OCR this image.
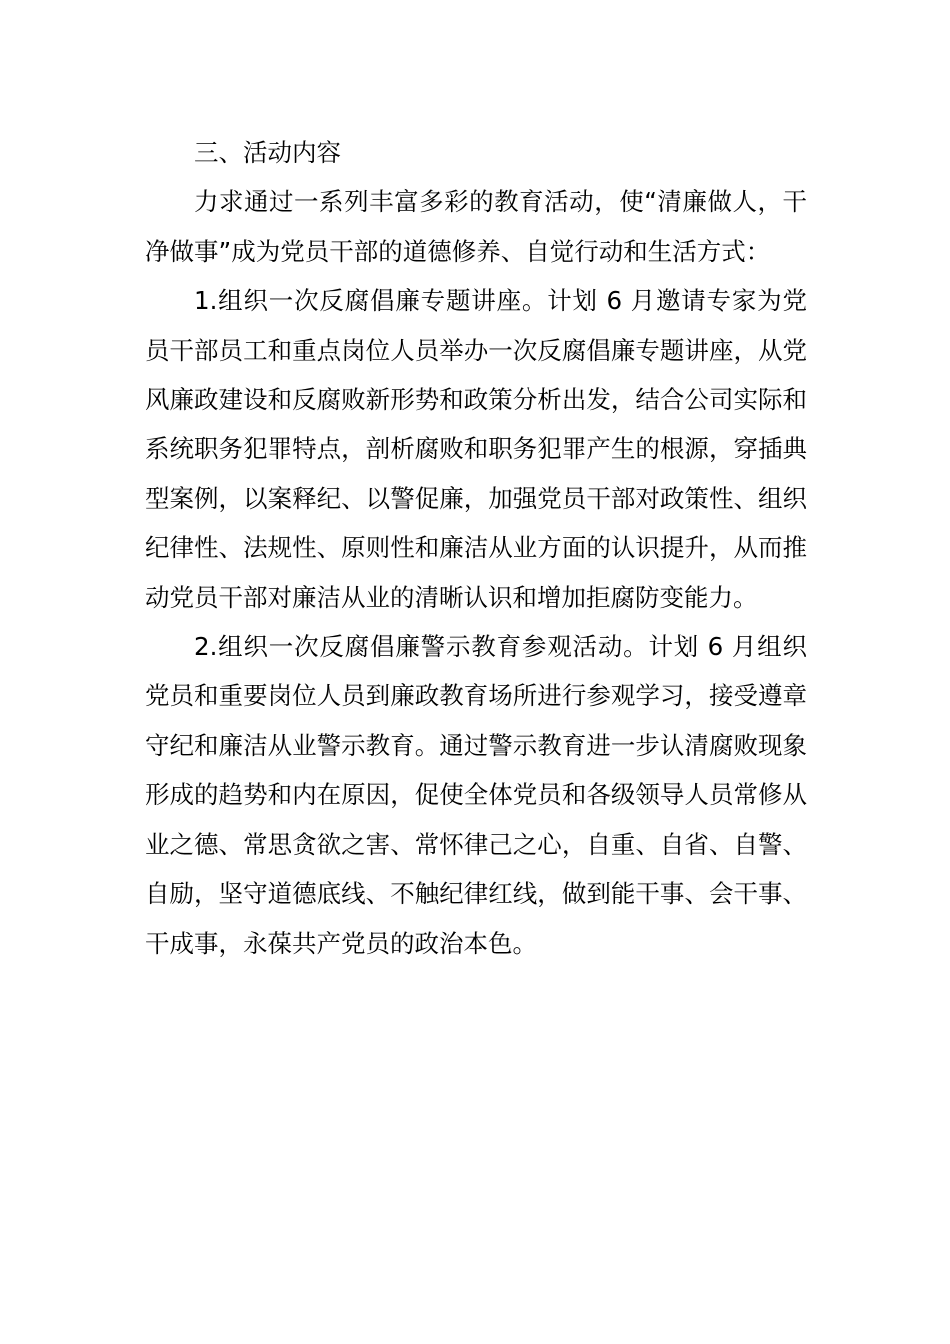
三、活动内容

力求通过一系列丰富多彩的教育活动，使“清廉做人，干净做事”成为党员干部的道德修养、自觉行动和生活方式：

1.组织一次反腐倡廉专题讲座。计划 6 月邀请专家为党员干部员工和重点岗位人员举办一次反腐倡廉专题讲座，从党风廉政建设和反腐败新形势和政策分析出发，结合公司实际和系统职务犯罪特点，剖析腐败和职务犯罪产生的根源，穿插典型案例，以案释纪、以警促廉，加强党员干部对政策性、组织纪律性、法规性、原则性和廉洁从业方面的认识提升，从而推动党员干部对廉洁从业的清晰认识和增加拒腐防变能力。

2.组织一次反腐倡廉警示教育参观活动。计划 6 月组织党员和重要岗位人员到廉政教育场所进行参观学习，接受遵章守纪和廉洁从业警示教育。通过警示教育进一步认清腐败现象形成的趋势和内在原因，促使全体党员和各级领导人员常修从业之德、常思贪欲之害、常怀律己之心，自重、自省、自警、自励，坚守道德底线、不触纪律红线，做到能干事、会干事、干成事，永葆共产党员的政治本色。
